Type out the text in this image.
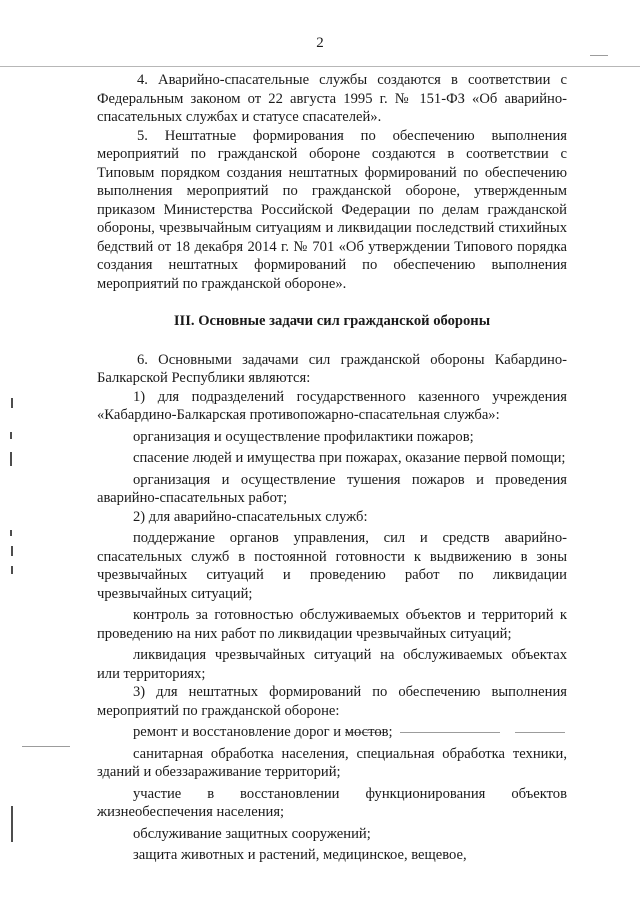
2

4. Аварийно-спасательные службы создаются в соответствии с Федеральным законом от 22 августа 1995 г. № 151-ФЗ «Об аварийно-спасательных службах и статусе спасателей».

5. Нештатные формирования по обеспечению выполнения мероприятий по гражданской обороне создаются в соответствии с Типовым порядком создания нештатных формирований по обеспечению выполнения мероприятий по гражданской обороне, утвержденным приказом Министерства Российской Федерации по делам гражданской обороны, чрезвычайным ситуациям и ликвидации последствий стихийных бедствий от 18 декабря 2014 г. № 701 «Об утверждении Типового порядка создания нештатных формирований по обеспечению выполнения мероприятий по гражданской обороне».

III. Основные задачи сил гражданской обороны

6. Основными задачами сил гражданской обороны Кабардино-Балкарской Республики являются:

1) для подразделений государственного казенного учреждения «Кабардино-Балкарская противопожарно-спасательная служба»:

организация и осуществление профилактики пожаров;

спасение людей и имущества при пожарах, оказание первой помощи;

организация и осуществление тушения пожаров и проведения аварийно-спасательных работ;

2) для аварийно-спасательных служб:

поддержание органов управления, сил и средств аварийно-спасательных служб в постоянной готовности к выдвижению в зоны чрезвычайных ситуаций и проведению работ по ликвидации чрезвычайных ситуаций;

контроль за готовностью обслуживаемых объектов и территорий к проведению на них работ по ликвидации чрезвычайных ситуаций;

ликвидация чрезвычайных ситуаций на обслуживаемых объектах или территориях;

3) для нештатных формирований по обеспечению выполнения мероприятий по гражданской обороне:

ремонт и восстановление дорог и мостов;

санитарная обработка населения, специальная обработка техники, зданий и обеззараживание территорий;

участие в восстановлении функционирования объектов жизнеобеспечения населения;

обслуживание защитных сооружений;

защита животных и растений, медицинское, вещевое,
